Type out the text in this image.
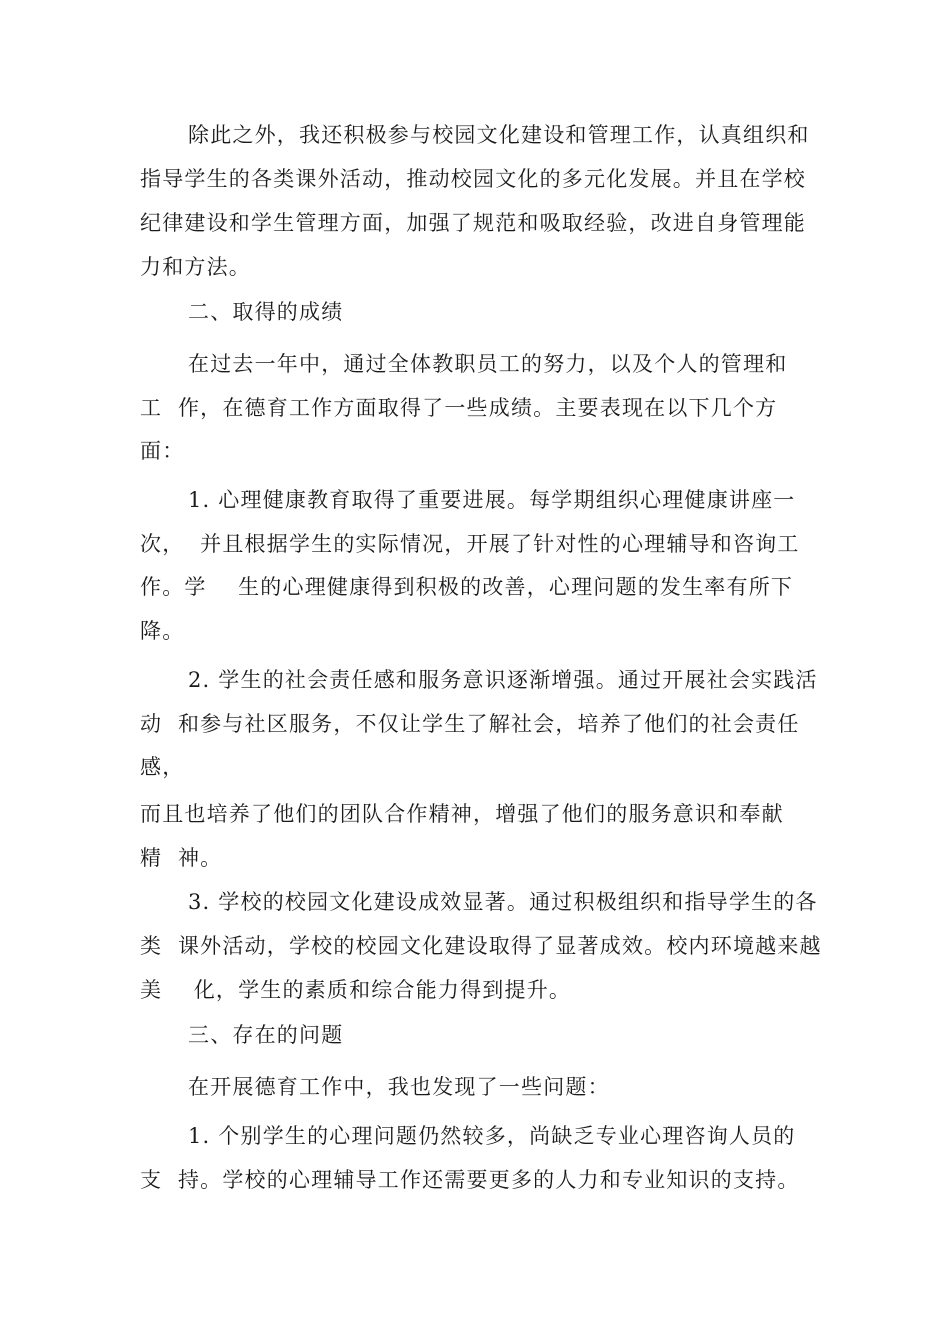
除此之外，我还积极参与校园文化建设和管理工作，认真组织和
指导学生的各类课外活动，推动校园文化的多元化发展。并且在学校
纪律建设和学生管理方面，加强了规范和吸取经验，改进自身管理能
力和方法。
二、取得的成绩
在过去一年中，通过全体教职员工的努力，以及个人的管理和
工  作，在德育工作方面取得了一些成绩。主要表现在以下几个方
面：
1. 心理健康教育取得了重要进展。每学期组织心理健康讲座一
次，  并且根据学生的实际情况，开展了针对性的心理辅导和咨询工
作。学    生的心理健康得到积极的改善，心理问题的发生率有所下
降。
2. 学生的社会责任感和服务意识逐渐增强。通过开展社会实践活
动  和参与社区服务，不仅让学生了解社会，培养了他们的社会责任
感，
而且也培养了他们的团队合作精神，增强了他们的服务意识和奉献
精  神。
3. 学校的校园文化建设成效显著。通过积极组织和指导学生的各
类  课外活动，学校的校园文化建设取得了显著成效。校内环境越来越
美    化，学生的素质和综合能力得到提升。
三、存在的问题
在开展德育工作中，我也发现了一些问题：
1. 个别学生的心理问题仍然较多，尚缺乏专业心理咨询人员的
支  持。学校的心理辅导工作还需要更多的人力和专业知识的支持。
